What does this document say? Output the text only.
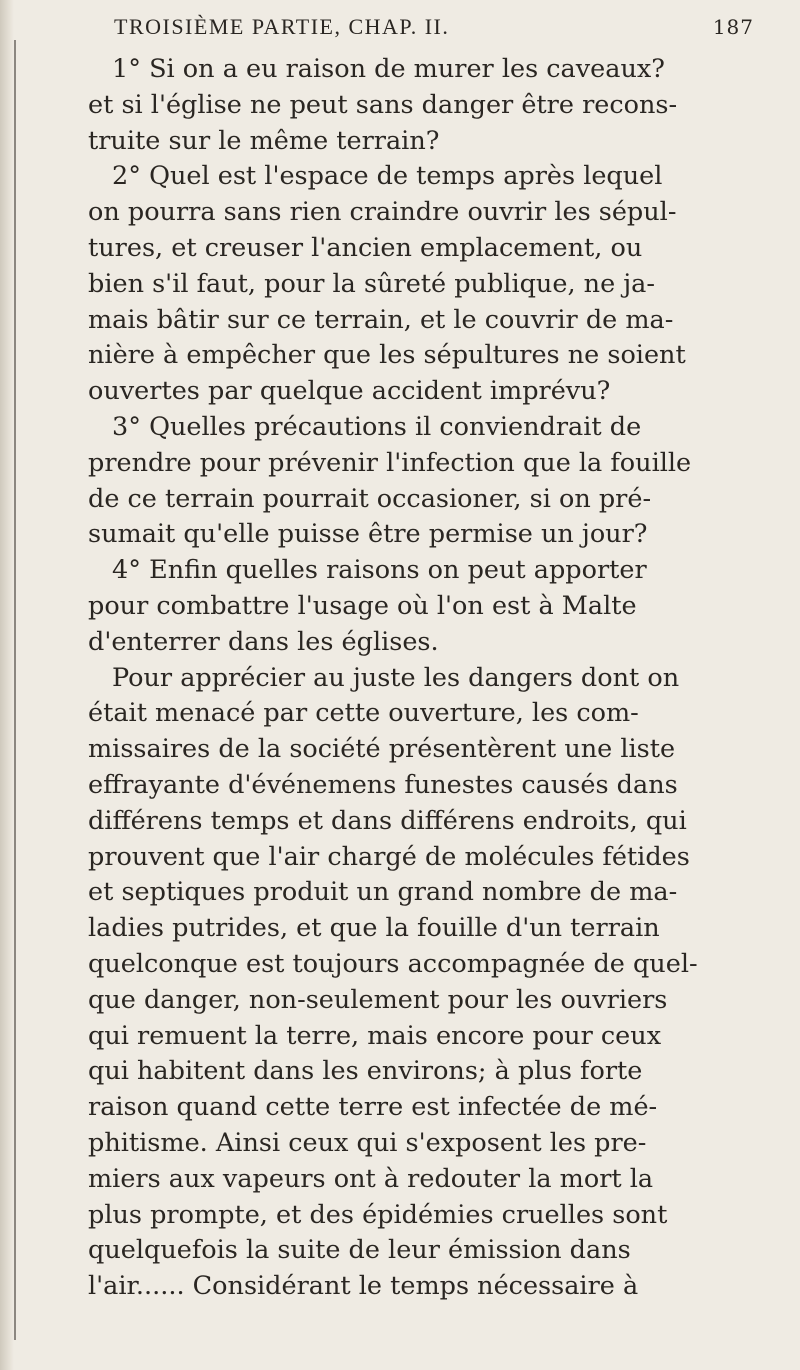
TROISIÈME PARTIE, CHAP. II.	187
1° Si on a eu raison de murer les caveaux?
et si l'église ne peut sans danger être recons-
truite sur le même terrain?
2° Quel est l'espace de temps après lequel
on pourra sans rien craindre ouvrir les sépul-
tures, et creuser l'ancien emplacement, ou
bien s'il faut, pour la sûreté publique, ne ja-
mais bâtir sur ce terrain, et le couvrir de ma-
nière à empêcher que les sépultures ne soient
ouvertes par quelque accident imprévu?
3° Quelles précautions il conviendrait de
prendre pour prévenir l'infection que la fouille
de ce terrain pourrait occasioner, si on pré-
sumait qu'elle puisse être permise un jour?
4° Enfin quelles raisons on peut apporter
pour combattre l'usage où l'on est à Malte
d'enterrer dans les églises.
Pour apprécier au juste les dangers dont on
était menacé par cette ouverture, les com-
missaires de la société présentèrent une liste
effrayante d'événemens funestes causés dans
différens temps et dans différens endroits, qui
prouvent que l'air chargé de molécules fétides
et septiques produit un grand nombre de ma-
ladies putrides, et que la fouille d'un terrain
quelconque est toujours accompagnée de quel-
que danger, non-seulement pour les ouvriers
qui remuent la terre, mais encore pour ceux
qui habitent dans les environs; à plus forte
raison quand cette terre est infectée de mé-
phitisme. Ainsi ceux qui s'exposent les pre-
miers aux vapeurs ont à redouter la mort la
plus prompte, et des épidémies cruelles sont
quelquefois la suite de leur émission dans
l'air...... Considérant le temps nécessaire à
